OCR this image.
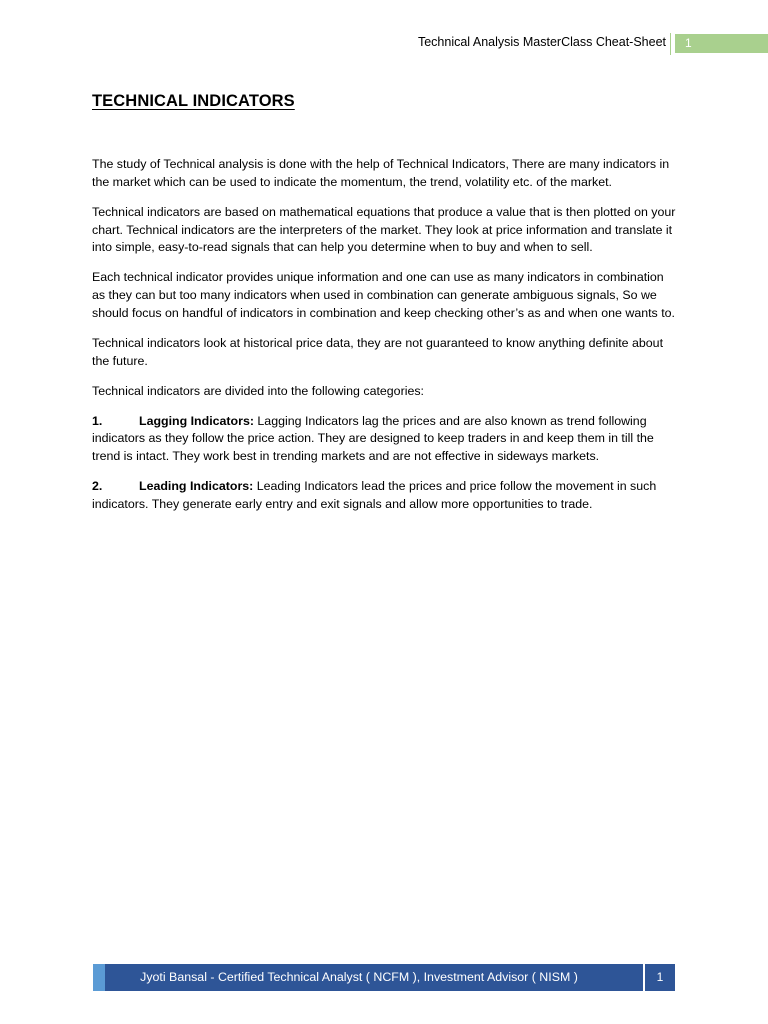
Technical Analysis MasterClass Cheat-Sheet	1
TECHNICAL INDICATORS

The study of Technical analysis is done with the help of Technical Indicators, There are many indicators in the market which can be used to indicate the momentum, the trend, volatility etc. of the market.

Technical indicators are based on mathematical equations that produce a value that is then plotted on your chart. Technical indicators are the interpreters of the market. They look at price information and translate it into simple, easy-to-read signals that can help you determine when to buy and when to sell.

Each technical indicator provides unique information and one can use as many indicators in combination as they can but too many indicators when used in combination can generate ambiguous signals, So we should focus on handful of indicators in combination and keep checking other’s as and when one wants to.

Technical indicators look at historical price data, they are not guaranteed to know anything definite about the future.

Technical indicators are divided into the following categories:

1.	Lagging Indicators: Lagging Indicators lag the prices and are also known as trend following indicators as they follow the price action. They are designed to keep traders in and keep them in till the trend is intact. They work best in trending markets and are not effective in sideways markets.
2.	Leading Indicators: Leading Indicators lead the prices and price follow the movement in such indicators. They generate early entry and exit signals and allow more opportunities to trade.
Jyoti Bansal - Certified Technical Analyst ( NCFM ), Investment Advisor ( NISM )	1
